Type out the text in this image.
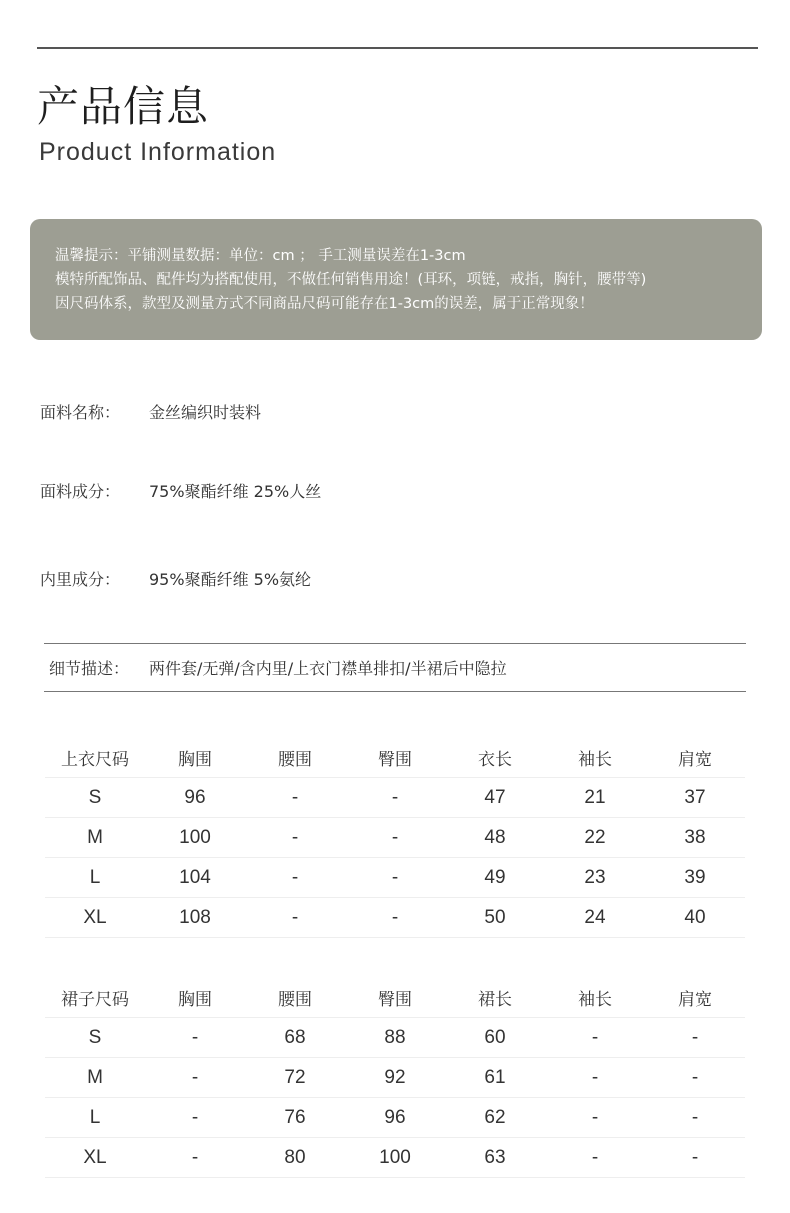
产品信息
Product Information
温馨提示：平铺测量数据：单位：cm ； 手工测量误差在1-3cm
模特所配饰品、配件均为搭配使用，不做任何销售用途！(耳环，项链，戒指，胸针，腰带等)
因尺码体系，款型及测量方式不同商品尺码可能存在1-3cm的误差，属于正常现象！
面料名称： 金丝编织时装料
面料成分： 75%聚酯纤维 25%人丝
内里成分： 95%聚酯纤维 5%氨纶
细节描述： 两件套/无弹/含内里/上衣门襟单排扣/半裙后中隐拉
上衣尺码	胸围	腰围	臀围	衣长	袖长	肩宽
S	96	-	-	47	21	37
M	100	-	-	48	22	38
L	104	-	-	49	23	39
XL	108	-	-	50	24	40
裙子尺码	胸围	腰围	臀围	裙长	袖长	肩宽
S	-	68	88	60	-	-
M	-	72	92	61	-	-
L	-	76	96	62	-	-
XL	-	80	100	63	-	-
